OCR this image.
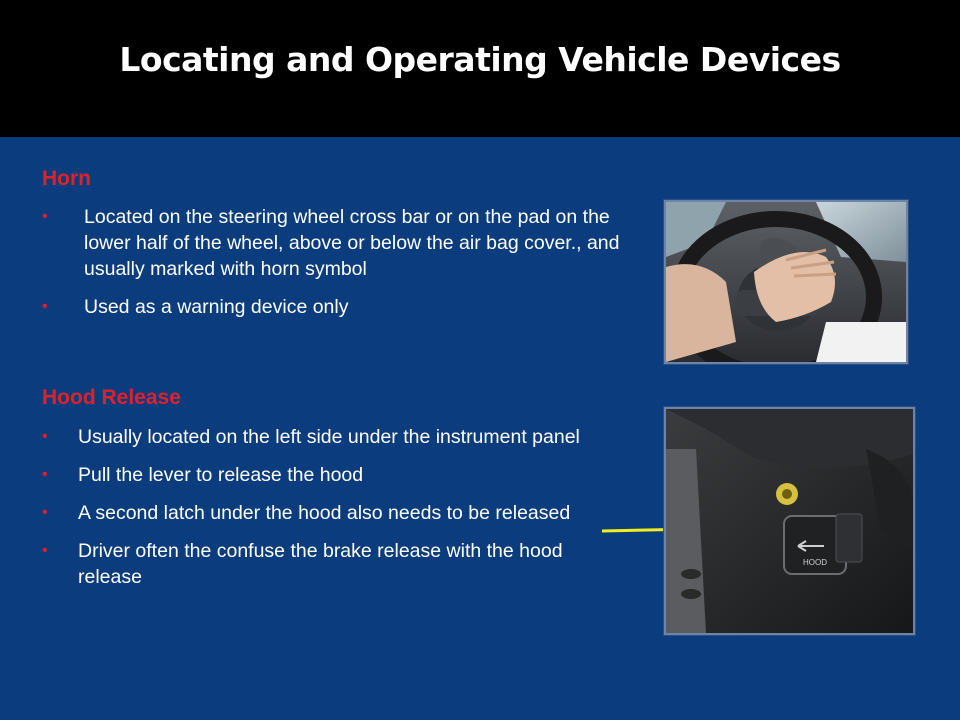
Locating and Operating Vehicle Devices
Horn
• Located on the steering wheel cross bar or on the pad on the lower half of the wheel, above or below the air bag cover., and usually marked with horn symbol
• Used as a warning device only
Hood Release
• Usually located on the left side under the instrument panel
• Pull the lever to release the hood
• A second latch under the hood also needs to be released
• Driver often the confuse the brake release with the hood release
HOOD
